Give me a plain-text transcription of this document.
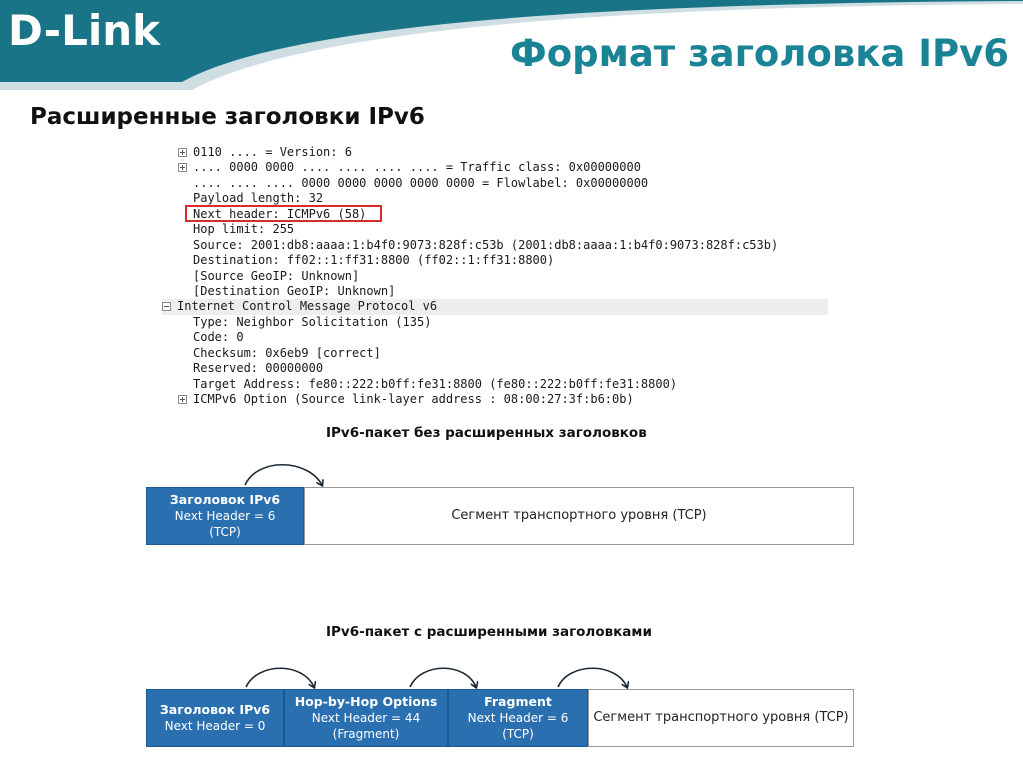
D-Link	Формат заголовка IPv6
Расширенные заголовки IPv6
0110 .... = Version: 6
.... 0000 0000 .... .... .... .... = Traffic class: 0x00000000
.... .... .... 0000 0000 0000 0000 0000 = Flowlabel: 0x00000000
Payload length: 32
Next header: ICMPv6 (58)
Hop limit: 255
Source: 2001:db8:aaaa:1:b4f0:9073:828f:c53b (2001:db8:aaaa:1:b4f0:9073:828f:c53b)
Destination: ff02::1:ff31:8800 (ff02::1:ff31:8800)
[Source GeoIP: Unknown]
[Destination GeoIP: Unknown]
Internet Control Message Protocol v6
Type: Neighbor Solicitation (135)
Code: 0
Checksum: 0x6eb9 [correct]
Reserved: 00000000
Target Address: fe80::222:b0ff:fe31:8800 (fe80::222:b0ff:fe31:8800)
ICMPv6 Option (Source link-layer address : 08:00:27:3f:b6:0b)
IPv6-пакет без расширенных заголовков
Заголовок IPv6
Next Header = 6
(TCP)
Сегмент транспортного уровня (TCP)
IPv6-пакет с расширенными заголовками
Заголовок IPv6
Next Header = 0
Hop-by-Hop Options
Next Header = 44
(Fragment)
Fragment
Next Header = 6
(TCP)
Сегмент транспортного уровня (TCP)
